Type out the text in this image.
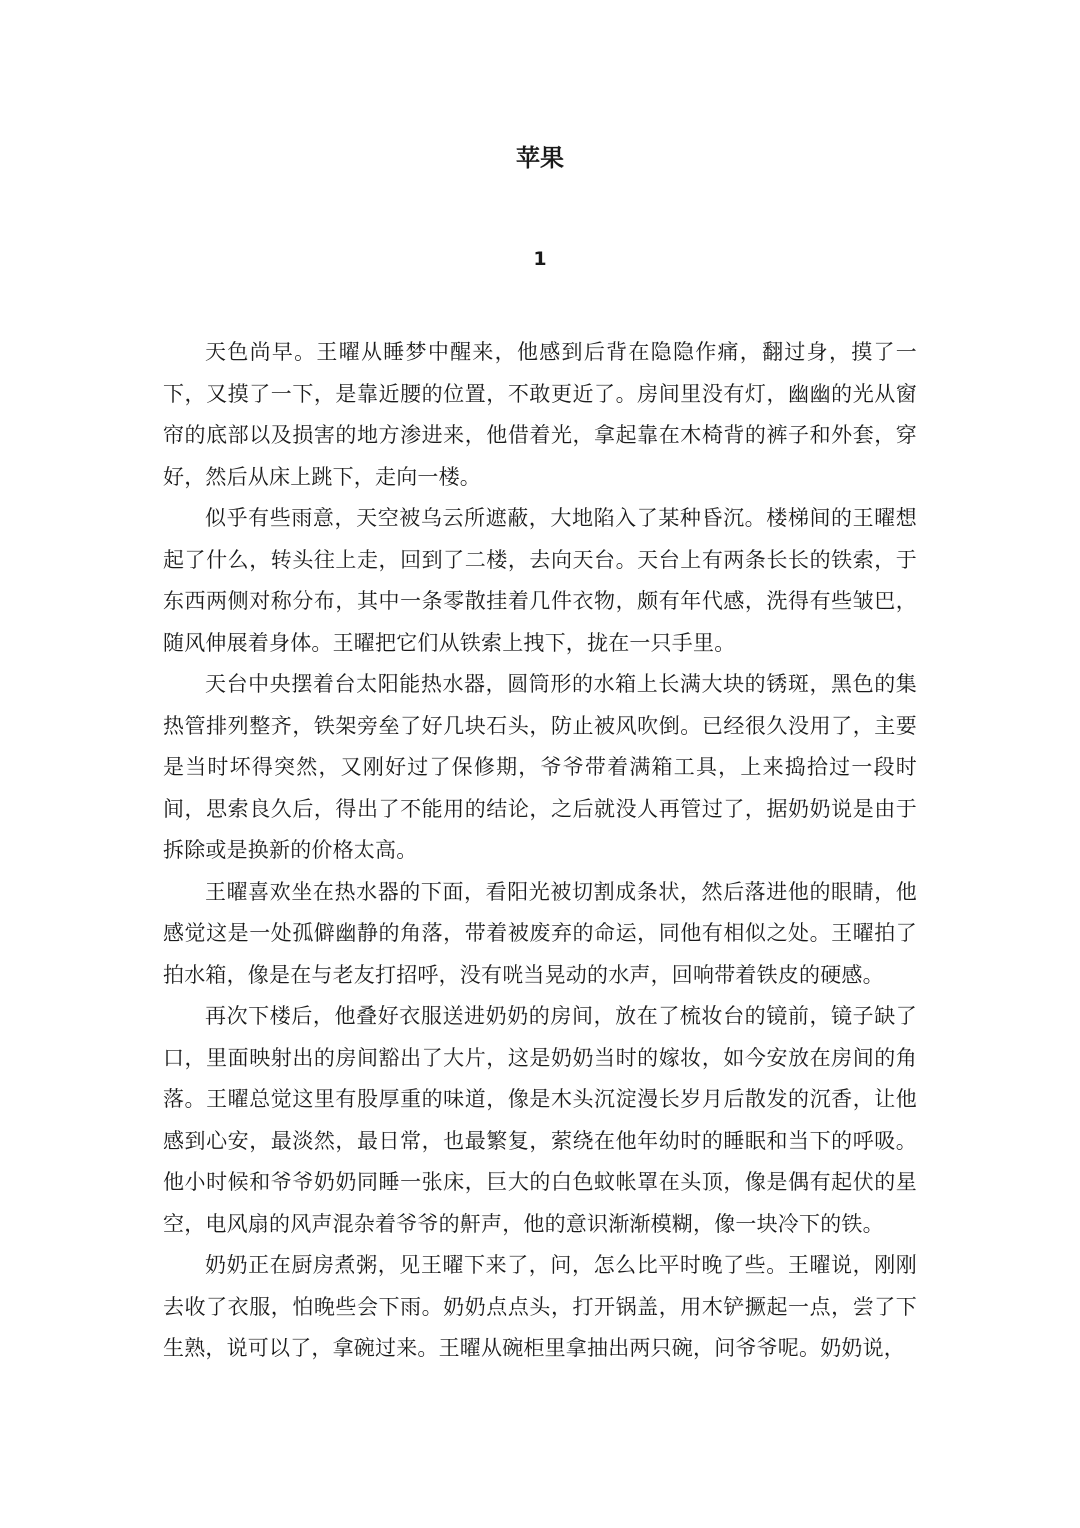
苹果
1

天色尚早。王曜从睡梦中醒来，他感到后背在隐隐作痛，翻过身，摸了一下，又摸了一下，是靠近腰的位置，不敢更近了。房间里没有灯，幽幽的光从窗帘的底部以及损害的地方渗进来，他借着光，拿起靠在木椅背的裤子和外套，穿好，然后从床上跳下，走向一楼。

似乎有些雨意，天空被乌云所遮蔽，大地陷入了某种昏沉。楼梯间的王曜想起了什么，转头往上走，回到了二楼，去向天台。天台上有两条长长的铁索，于东西两侧对称分布，其中一条零散挂着几件衣物，颇有年代感，洗得有些皱巴，随风伸展着身体。王曜把它们从铁索上拽下，拢在一只手里。

天台中央摆着台太阳能热水器，圆筒形的水箱上长满大块的锈斑，黑色的集热管排列整齐，铁架旁垒了好几块石头，防止被风吹倒。已经很久没用了，主要是当时坏得突然，又刚好过了保修期，爷爷带着满箱工具，上来捣拾过一段时间，思索良久后，得出了不能用的结论，之后就没人再管过了，据奶奶说是由于拆除或是换新的价格太高。

王曜喜欢坐在热水器的下面，看阳光被切割成条状，然后落进他的眼睛，他感觉这是一处孤僻幽静的角落，带着被废弃的命运，同他有相似之处。王曜拍了拍水箱，像是在与老友打招呼，没有咣当晃动的水声，回响带着铁皮的硬感。

再次下楼后，他叠好衣服送进奶奶的房间，放在了梳妆台的镜前，镜子缺了口，里面映射出的房间豁出了大片，这是奶奶当时的嫁妆，如今安放在房间的角落。王曜总觉这里有股厚重的味道，像是木头沉淀漫长岁月后散发的沉香，让他感到心安，最淡然，最日常，也最繁复，萦绕在他年幼时的睡眠和当下的呼吸。他小时候和爷爷奶奶同睡一张床，巨大的白色蚊帐罩在头顶，像是偶有起伏的星空，电风扇的风声混杂着爷爷的鼾声，他的意识渐渐模糊，像一块冷下的铁。

奶奶正在厨房煮粥，见王曜下来了，问，怎么比平时晚了些。王曜说，刚刚去收了衣服，怕晚些会下雨。奶奶点点头，打开锅盖，用木铲撅起一点，尝了下生熟，说可以了，拿碗过来。王曜从碗柜里拿抽出两只碗，问爷爷呢。奶奶说，
